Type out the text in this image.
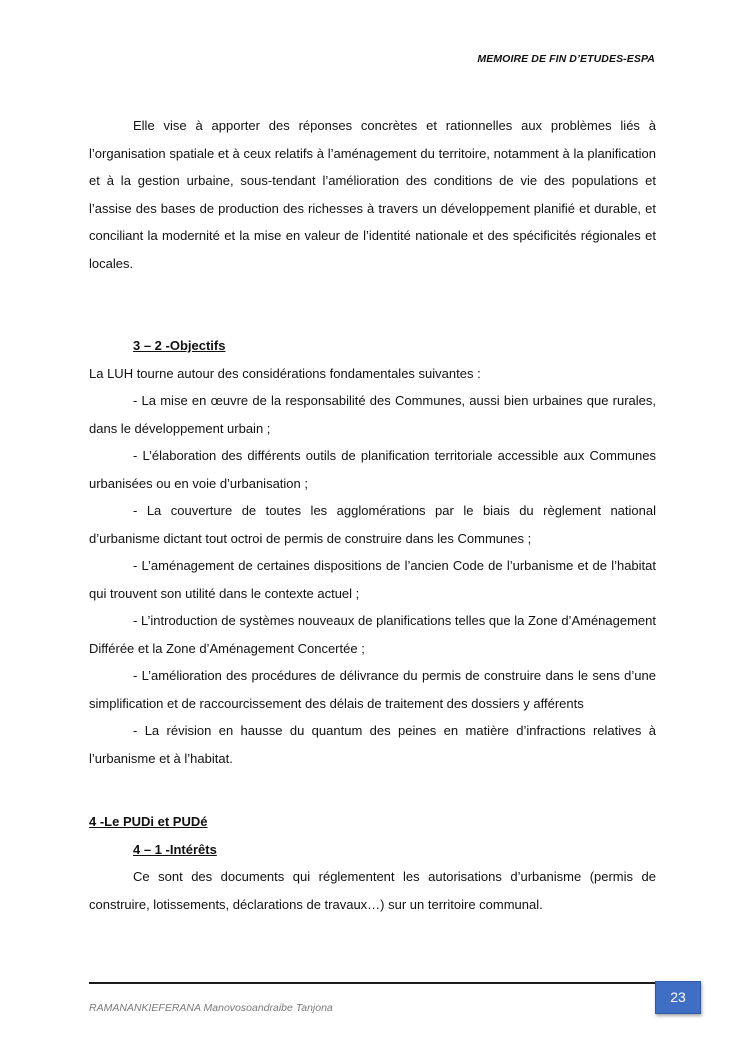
MEMOIRE DE FIN D’ETUDES-ESPA

Elle vise à apporter des réponses concrètes et rationnelles aux problèmes liés à l’organisation spatiale et à ceux relatifs à l’aménagement du territoire, notamment à la planification et à la gestion urbaine, sous-tendant l’amélioration des conditions de vie des populations et l’assise des bases de production des richesses à travers un développement planifié et durable, et conciliant la modernité et la mise en valeur de l’identité nationale et des spécificités régionales et locales.

3 – 2 -Objectifs

La LUH tourne autour des considérations fondamentales suivantes :

- La mise en œuvre de la responsabilité des Communes, aussi bien urbaines que rurales, dans le développement urbain ;

- L’élaboration des différents outils de planification territoriale accessible aux Communes urbanisées ou en voie d’urbanisation ;

- La couverture de toutes les agglomérations par le biais du règlement national d’urbanisme dictant tout octroi de permis de construire dans les Communes ;

- L’aménagement de certaines dispositions de l’ancien Code de l’urbanisme et de l’habitat qui trouvent son utilité dans le contexte actuel ;

- L’introduction de systèmes nouveaux de planifications telles que la Zone d’Aménagement Différée et la Zone d’Aménagement Concertée ;

- L’amélioration des procédures de délivrance du permis de construire dans le sens d’une simplification et de raccourcissement des délais de traitement des dossiers y afférents

- La révision en hausse du quantum des peines en matière d’infractions relatives à l’urbanisme et à l’habitat.

4 -Le PUDi et PUDé

4 – 1 -Intérêts

Ce sont des documents qui réglementent les autorisations d’urbanisme (permis de construire, lotissements, déclarations de travaux…) sur un territoire communal.

RAMANANKIEFERANA Manovosoandraibe Tanjona
23
